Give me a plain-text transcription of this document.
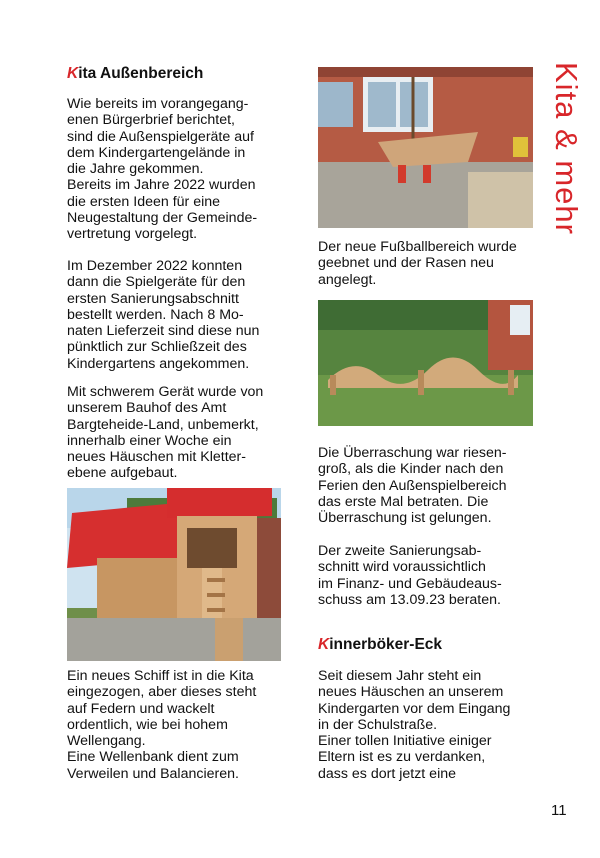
Kita & mehr
Kita Außenbereich

Wie bereits im vorangegang-
enen Bürgerbrief berichtet,
sind die Außenspielgeräte auf
dem Kindergartengelände in
die Jahre gekommen.
Bereits im Jahre 2022 wurden
die ersten Ideen für eine
Neugestaltung der Gemeinde-
vertretung vorgelegt.

Im Dezember 2022 konnten
dann die Spielgeräte für den
ersten Sanierungsabschnitt
bestellt werden. Nach 8 Mo-
naten Lieferzeit sind diese nun
pünktlich zur Schließzeit des
Kindergartens angekommen.

Mit schwerem Gerät wurde von
unserem Bauhof des Amt
Bargteheide-Land, unbemerkt,
innerhalb einer Woche ein
neues Häuschen mit Kletter-
ebene aufgebaut.

Ein neues Schiff ist in die Kita
eingezogen, aber dieses steht
auf Federn und wackelt
ordentlich, wie bei hohem
Wellengang.
Eine Wellenbank dient zum
Verweilen und Balancieren.

Der neue Fußballbereich wurde
geebnet und der Rasen neu
angelegt.

Die Überraschung war riesen-
groß, als die Kinder nach den
Ferien den Außenspielbereich
das erste Mal betraten. Die
Überraschung ist gelungen.

Der zweite Sanierungsab-
schnitt wird voraussichtlich
im Finanz- und Gebäudeaus-
schuss am 13.09.23 beraten.

Kinnerböker-Eck

Seit diesem Jahr steht ein
neues Häuschen an unserem
Kindergarten vor dem Eingang
in der Schulstraße.
Einer tollen Initiative einiger
Eltern ist es zu verdanken,
dass es dort jetzt eine

11
